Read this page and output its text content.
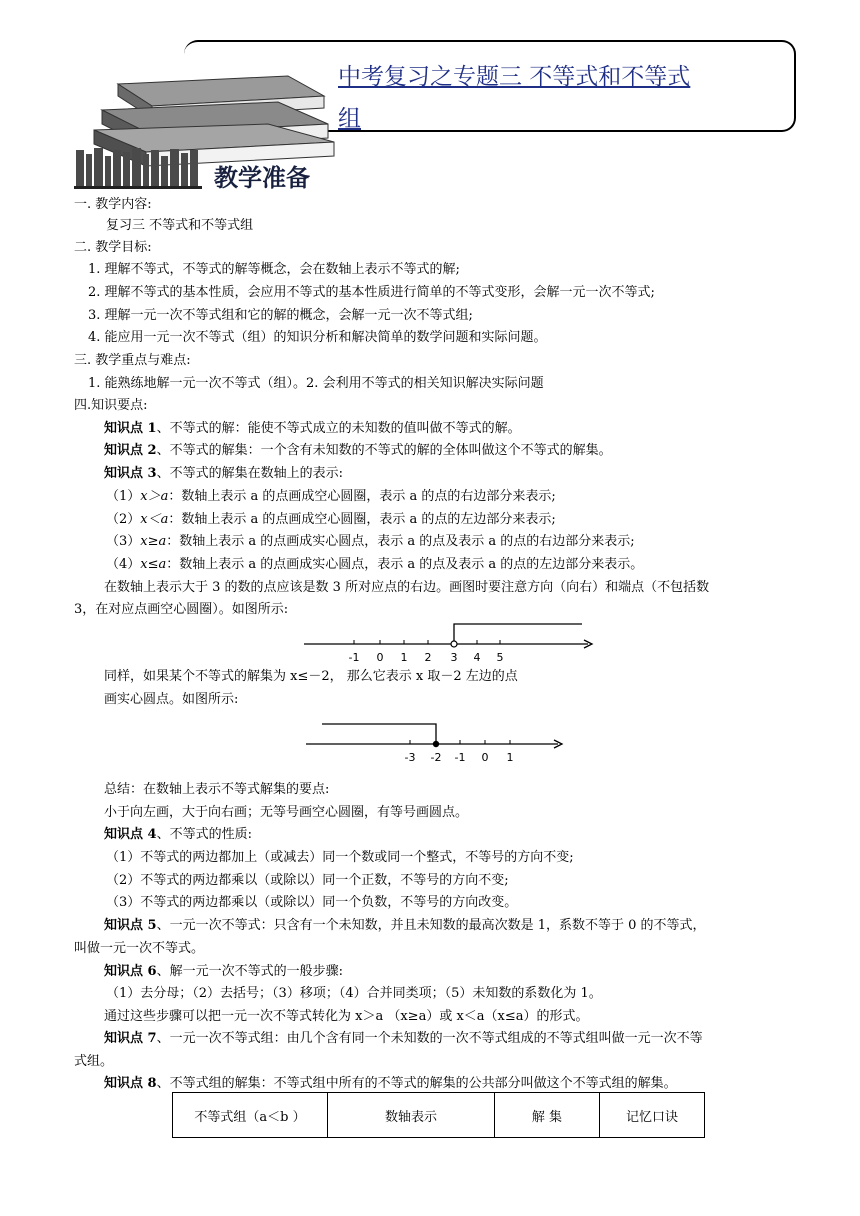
中考复习之专题三 不等式和不等式
组
教学准备
一. 教学内容:
复习三 不等式和不等式组
二. 教学目标:
1. 理解不等式，不等式的解等概念，会在数轴上表示不等式的解;
2. 理解不等式的基本性质，会应用不等式的基本性质进行简单的不等式变形，会解一元一次不等式;
3. 理解一元一次不等式组和它的解的概念，会解一元一次不等式组;
4. 能应用一元一次不等式（组）的知识分析和解决简单的数学问题和实际问题。
三. 教学重点与难点:
1. 能熟练地解一元一次不等式（组）。2. 会利用不等式的相关知识解决实际问题
四.知识要点:
知识点 1、不等式的解：能使不等式成立的未知数的值叫做不等式的解。
知识点 2、不等式的解集：一个含有未知数的不等式的解的全体叫做这个不等式的解集。
知识点 3、不等式的解集在数轴上的表示:
（1）x＞a：数轴上表示 a 的点画成空心圆圈，表示 a 的点的右边部分来表示;
（2）x＜a：数轴上表示 a 的点画成空心圆圈，表示 a 的点的左边部分来表示;
（3）x≥a：数轴上表示 a 的点画成实心圆点，表示 a 的点及表示 a 的点的右边部分来表示;
（4）x≤a：数轴上表示 a 的点画成实心圆点，表示 a 的点及表示 a 的点的左边部分来表示。
在数轴上表示大于 3 的数的点应该是数 3 所对应点的右边。画图时要注意方向（向右）和端点（不包括数
3，在对应点画空心圆圈）。如图所示:
-1 0 1 2 3 4 5
同样，如果某个不等式的解集为 x≤－2， 那么它表示 x 取－2 左边的点
画实心圆点。如图所示:
-3 -2 -1 0 1
总结：在数轴上表示不等式解集的要点:
小于向左画，大于向右画；无等号画空心圆圈，有等号画圆点。
知识点 4、不等式的性质:
（1）不等式的两边都加上（或减去）同一个数或同一个整式，不等号的方向不变;
（2）不等式的两边都乘以（或除以）同一个正数，不等号的方向不变;
（3）不等式的两边都乘以（或除以）同一个负数，不等号的方向改变。
知识点 5、一元一次不等式：只含有一个未知数，并且未知数的最高次数是 1，系数不等于 0 的不等式，
叫做一元一次不等式。
知识点 6、解一元一次不等式的一般步骤:
（1）去分母；（2）去括号；（3）移项；（4）合并同类项；（5）未知数的系数化为 1。
通过这些步骤可以把一元一次不等式转化为 x＞a （x≥a）或 x＜a（x≤a）的形式。
知识点 7、一元一次不等式组：由几个含有同一个未知数的一次不等式组成的不等式组叫做一元一次不等
式组。
知识点 8、不等式组的解集：不等式组中所有的不等式的解集的公共部分叫做这个不等式组的解集。
不等式组（a＜b ）	数轴表示	解 集	记忆口诀
